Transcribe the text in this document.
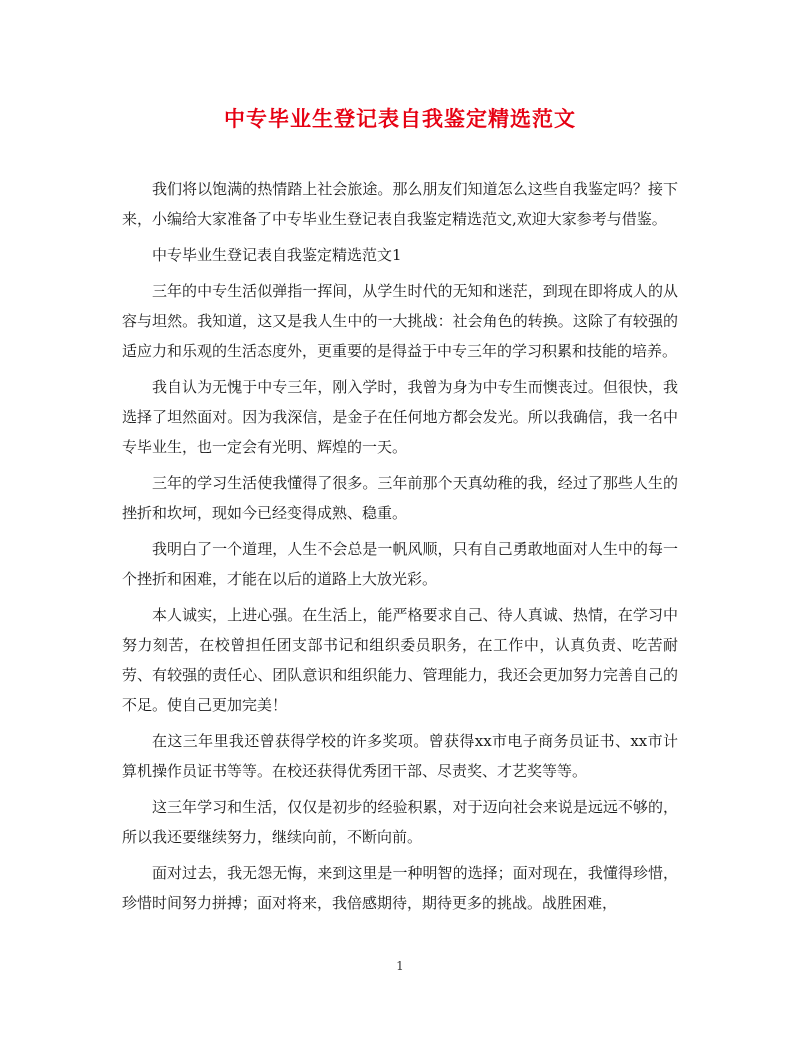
中专毕业生登记表自我鉴定精选范文

我们将以饱满的热情踏上社会旅途。那么朋友们知道怎么这些自我鉴定吗？接下来，小编给大家准备了中专毕业生登记表自我鉴定精选范文,欢迎大家参考与借鉴。

中专毕业生登记表自我鉴定精选范文1

三年的中专生活似弹指一挥间，从学生时代的无知和迷茫，到现在即将成人的从容与坦然。我知道，这又是我人生中的一大挑战：社会角色的转换。这除了有较强的适应力和乐观的生活态度外，更重要的是得益于中专三年的学习积累和技能的培养。

我自认为无愧于中专三年，刚入学时，我曾为身为中专生而懊丧过。但很快，我选择了坦然面对。因为我深信，是金子在任何地方都会发光。所以我确信，我一名中专毕业生，也一定会有光明、辉煌的一天。

三年的学习生活使我懂得了很多。三年前那个天真幼稚的我，经过了那些人生的挫折和坎坷，现如今已经变得成熟、稳重。

我明白了一个道理，人生不会总是一帆风顺，只有自己勇敢地面对人生中的每一个挫折和困难，才能在以后的道路上大放光彩。

本人诚实，上进心强。在生活上，能严格要求自己、待人真诚、热情，在学习中努力刻苦，在校曾担任团支部书记和组织委员职务，在工作中，认真负责、吃苦耐劳、有较强的责任心、团队意识和组织能力、管理能力，我还会更加努力完善自己的不足。使自己更加完美！

在这三年里我还曾获得学校的许多奖项。曾获得xx市电子商务员证书、xx市计算机操作员证书等等。在校还获得优秀团干部、尽责奖、才艺奖等等。

这三年学习和生活，仅仅是初步的经验积累，对于迈向社会来说是远远不够的，所以我还要继续努力，继续向前，不断向前。

面对过去，我无怨无悔，来到这里是一种明智的选择；面对现在，我懂得珍惜，珍惜时间努力拼搏；面对将来，我倍感期待，期待更多的挑战。战胜困难，

1
